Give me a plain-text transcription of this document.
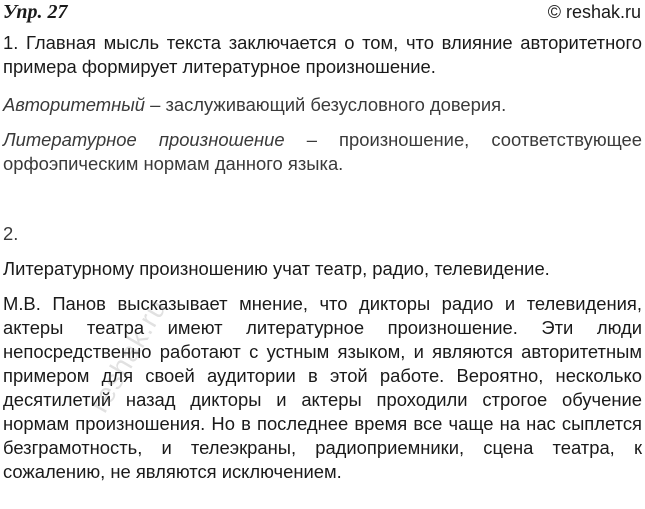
Упр. 27	© reshak.ru

1. Главная мысль текста заключается о том, что влияние авторитетного примера формирует литературное произношение.

Авторитетный – заслуживающий безусловного доверия.

Литературное произношение – произношение, соответствующее орфоэпическим нормам данного языка.

2.

Литературному произношению учат театр, радио, телевидение.

М.В. Панов высказывает мнение, что дикторы радио и телевидения, актеры театра имеют литературное произношение. Эти люди непосредственно работают с устным языком, и являются авторитетным примером для своей аудитории в этой работе. Вероятно, несколько десятилетий назад дикторы и актеры проходили строгое обучение нормам произношения. Но в последнее время все чаще на нас сыплется безграмотность, и телеэкраны, радиоприемники, сцена театра, к сожалению, не являются исключением.

reshak.ru
